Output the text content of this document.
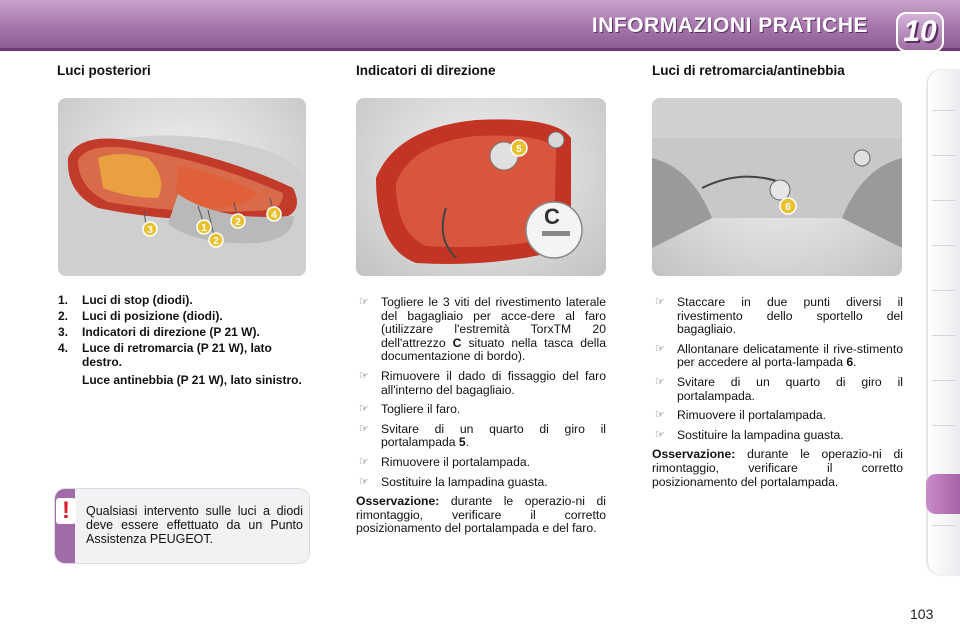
INFORMAZIONI PRATICHE 10
Luci posteriori
3	1
2
2
4
1. Luci di stop (diodi).
2. Luci di posizione (diodi).
3. Indicatori di direzione (P 21 W).
4. Luce di retromarcia (P 21 W), lato destro.
Luce antinebbia (P 21 W), lato sinistro.
!	Qualsiasi intervento sulle luci a diodi deve essere effettuato da un Punto Assistenza PEUGEOT.
Indicatori di direzione
5
C
☞ Togliere le 3 viti del rivestimento laterale del bagagliaio per acce-dere al faro (utilizzare l'estremità TorxTM 20 dell'attrezzo C situato nella tasca della documentazione di bordo).
☞ Rimuovere il dado di fissaggio del faro all'interno del bagagliaio.
☞ Togliere il faro.
☞ Svitare di un quarto di giro il portalampada 5.
☞ Rimuovere il portalampada.
☞ Sostituire la lampadina guasta.
Osservazione: durante le operazio-ni di rimontaggio, verificare il corretto posizionamento del portalampada e del faro.
Luci di retromarcia/antinebbia
6
☞ Staccare in due punti diversi il rivestimento dello sportello del bagagliaio.
☞ Allontanare delicatamente il rive-stimento per accedere al porta-lampada 6.
☞ Svitare di un quarto di giro il portalampada.
☞ Rimuovere il portalampada.
☞ Sostituire la lampadina guasta.
Osservazione: durante le operazio-ni di rimontaggio, verificare il corretto posizionamento del portalampada.
103
